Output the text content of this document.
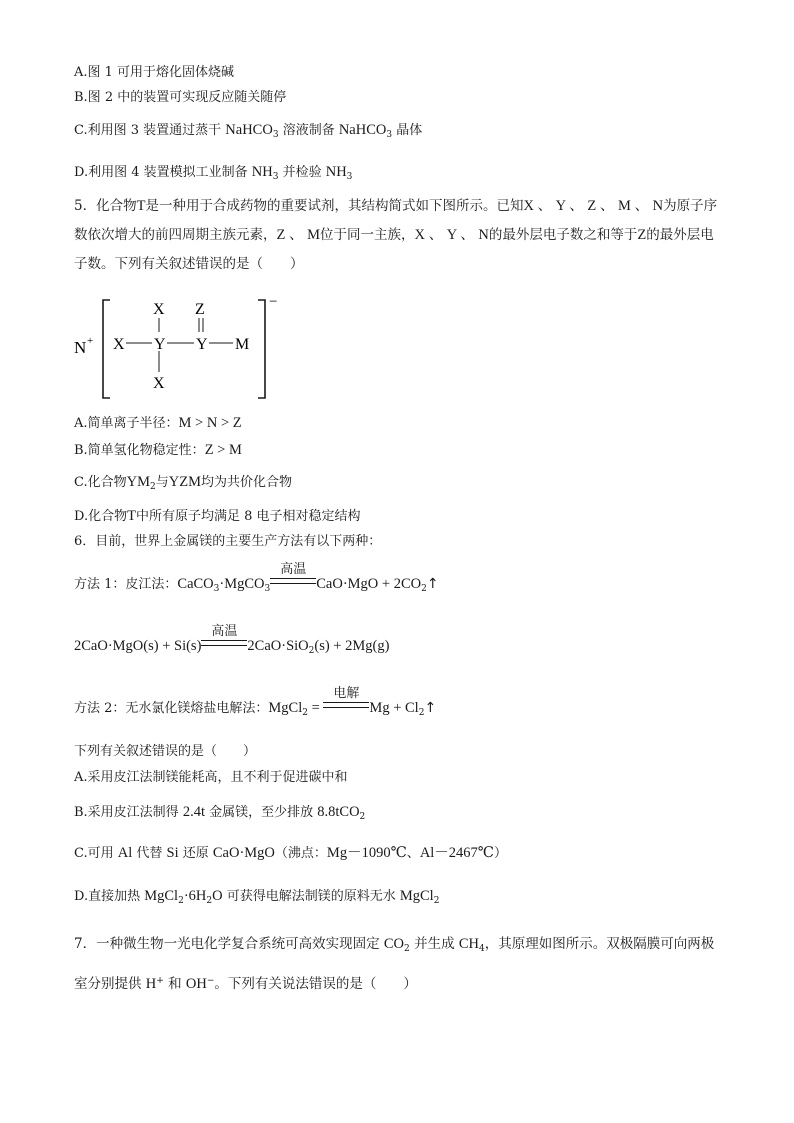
A.图 1 可用于熔化固体烧碱
B.图 2 中的装置可实现反应随关随停
C.利用图 3 装置通过蒸干 NaHCO$_3$ 溶液制备 NaHCO$_3$ 晶体
D.利用图 4 装置模拟工业制备 $NH_3$ 并检验 $NH_3$
5．化合物T是一种用于合成药物的重要试剂，其结构简式如下图所示。已知X 、 Y 、 Z 、 M 、 N为原子序数依次增大的前四周期主族元素，Z 、 M位于同一主族，X 、 Y 、 N的最外层电子数之和等于Z的最外层电子数。下列有关叙述错误的是（　　）
N +
−
X Z
X Y Y M
X
A.简单离子半径：M > N > Z
B.简单氢化物稳定性：Z > M
C.化合物$YM_2$与YZM均为共价化合物
D.化合物T中所有原子均满足 8 电子相对稳定结构
6．目前，世界上金属镁的主要生产方法有以下两种：
方法 1：皮江法：CaCO$_3$·MgCO$_3$
高温
$CaO\cdot MgO + 2CO_2↑$
2CaO·MgO(s) + Si(s)
高温
2CaO·SiO$_2$(s) + 2Mg(g)
方法 2：无水氯化镁熔盐电解法：MgCl$_2$ =
电解
$Mg + Cl_2↑$
下列有关叙述错误的是（　　）
A.采用皮江法制镁能耗高，且不利于促进碳中和
B.采用皮江法制得 2.4t 金属镁，至少排放 8.8tCO$_2$
C.可用 Al 代替 Si 还原 CaO·MgO（沸点：Mg－1090℃、Al－2467℃）
D.直接加热 $MgCl_2\cdot 6H_2O$ 可获得电解法制镁的原料无水 MgCl$_2$
7．一种微生物一光电化学复合系统可高效实现固定 $CO_2$ 并生成 $CH_4$，其原理如图所示。双极隔膜可向两极室分别提供 H+ 和 OH−。下列有关说法错误的是（　　）
